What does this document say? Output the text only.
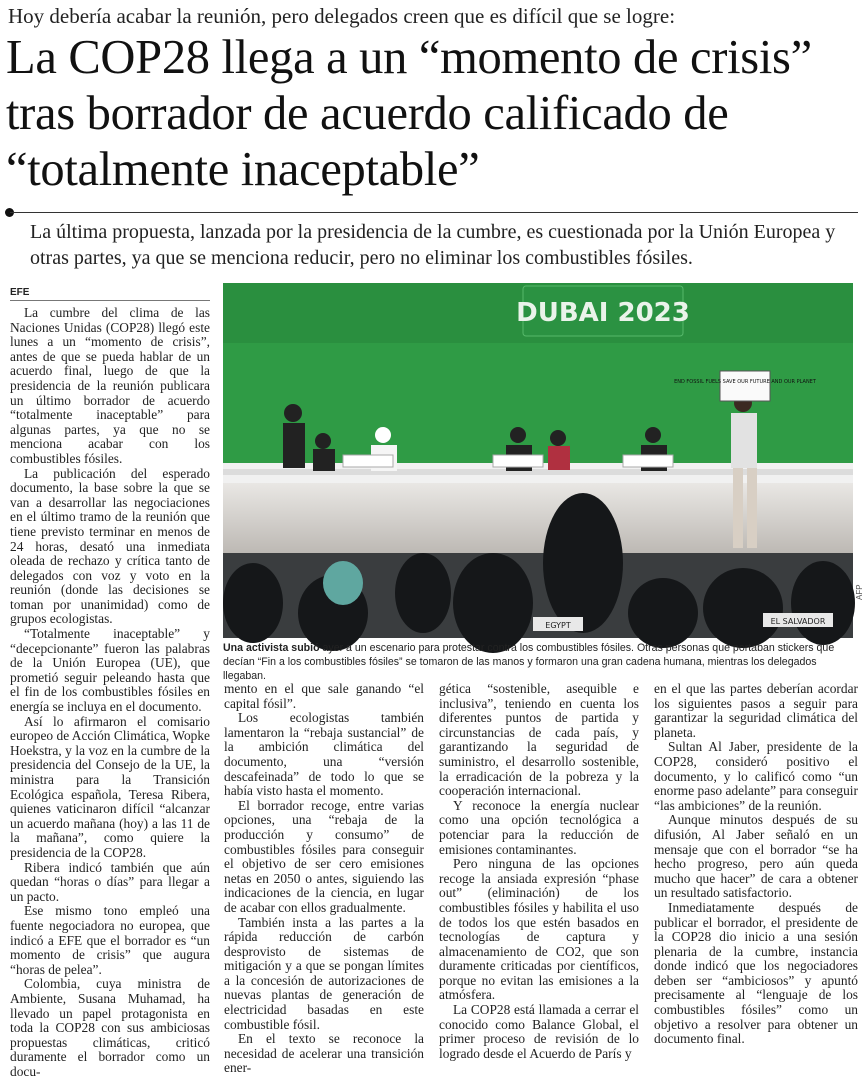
Hoy debería acabar la reunión, pero delegados creen que es difícil que se logre:
La COP28 llega a un “momento de crisis” tras borrador de acuerdo calificado de “totalmente inaceptable”
La última propuesta, lanzada por la presidencia de la cumbre, es cuestionada por la Unión Europea y otras partes, ya que se menciona reducir, pero no eliminar los combustibles fósiles.
EFE

La cumbre del clima de las Naciones Unidas (COP28) llegó este lunes a un “momento de crisis”, antes de que se pueda hablar de un acuerdo final, luego de que la presidencia de la reunión publicara un último borrador de acuerdo “totalmente inaceptable” para algunas partes, ya que no se menciona acabar con los combustibles fósiles.

La publicación del esperado documento, la base sobre la que se van a desarrollar las negociaciones en el último tramo de la reunión que tiene previsto terminar en menos de 24 horas, desató una inmediata oleada de rechazo y crítica tanto de delegados con voz y voto en la reunión (donde las decisiones se toman por unanimidad) como de grupos ecologistas.

“Totalmente inaceptable” y “decepcionante” fueron las palabras de la Unión Europea (UE), que prometió seguir peleando hasta que el fin de los combustibles fósiles en energía se incluya en el documento.

Así lo afirmaron el comisario europeo de Acción Climática, Wopke Hoekstra, y la voz en la cumbre de la presidencia del Consejo de la UE, la ministra para la Transición Ecológica española, Teresa Ribera, quienes vaticinaron difícil “alcanzar un acuerdo mañana (hoy) a las 11 de la mañana”, como quiere la presidencia de la COP28.

Ribera indicó también que aún quedan “horas o días” para llegar a un pacto.

Ese mismo tono empleó una fuente negociadora no europea, que indicó a EFE que el borrador es “un momento de crisis” que augura “horas de pelea”.

Colombia, cuya ministra de Ambiente, Susana Muhamad, ha llevado un papel protagonista en toda la COP28 con sus ambiciosas propuestas climáticas, criticó duramente el borrador como un docu-

DUBAI 2023
END FOSSIL FUELS SAVE OUR FUTURE AND OUR PLANET
EGYPT	EL SALVADOR
AFP
Una activista subió ayer a un escenario para protestar contra los combustibles fósiles. Otras personas que portaban stickers que decían “Fin a los combustibles fósiles” se tomaron de las manos y formaron una gran cadena humana, mientras los delegados llegaban.

mento en el que sale ganando “el capital fósil”.

Los ecologistas también lamentaron la “rebaja sustancial” de la ambición climática del documento, una “versión descafeinada” de todo lo que se había visto hasta el momento.

El borrador recoge, entre varias opciones, una “rebaja de la producción y consumo” de combustibles fósiles para conseguir el objetivo de ser cero emisiones netas en 2050 o antes, siguiendo las indicaciones de la ciencia, en lugar de acabar con ellos gradualmente.

También insta a las partes a la rápida reducción de carbón desprovisto de sistemas de mitigación y a que se pongan límites a la concesión de autorizaciones de nuevas plantas de generación de electricidad basadas en este combustible fósil.

En el texto se reconoce la necesidad de acelerar una transición ener-

gética “sostenible, asequible e inclusiva”, teniendo en cuenta los diferentes puntos de partida y circunstancias de cada país, y garantizando la seguridad de suministro, el desarrollo sostenible, la erradicación de la pobreza y la cooperación internacional.

Y reconoce la energía nuclear como una opción tecnológica a potenciar para la reducción de emisiones contaminantes.

Pero ninguna de las opciones recoge la ansiada expresión “phase out” (eliminación) de los combustibles fósiles y habilita el uso de todos los que estén basados en tecnologías de captura y almacenamiento de CO2, que son duramente criticadas por científicos, porque no evitan las emisiones a la atmósfera.

La COP28 está llamada a cerrar el conocido como Balance Global, el primer proceso de revisión de lo logrado desde el Acuerdo de París y

en el que las partes deberían acordar los siguientes pasos a seguir para garantizar la seguridad climática del planeta.

Sultan Al Jaber, presidente de la COP28, consideró positivo el documento, y lo calificó como “un enorme paso adelante” para conseguir “las ambiciones” de la reunión.

Aunque minutos después de su difusión, Al Jaber señaló en un mensaje que con el borrador “se ha hecho progreso, pero aún queda mucho que hacer” de cara a obtener un resultado satisfactorio.

Inmediatamente después de publicar el borrador, el presidente de la COP28 dio inicio a una sesión plenaria de la cumbre, instancia donde indicó que los negociadores deben ser “ambiciosos” y apuntó precisamente al “lenguaje de los combustibles fósiles” como un objetivo a resolver para obtener un documento final.
